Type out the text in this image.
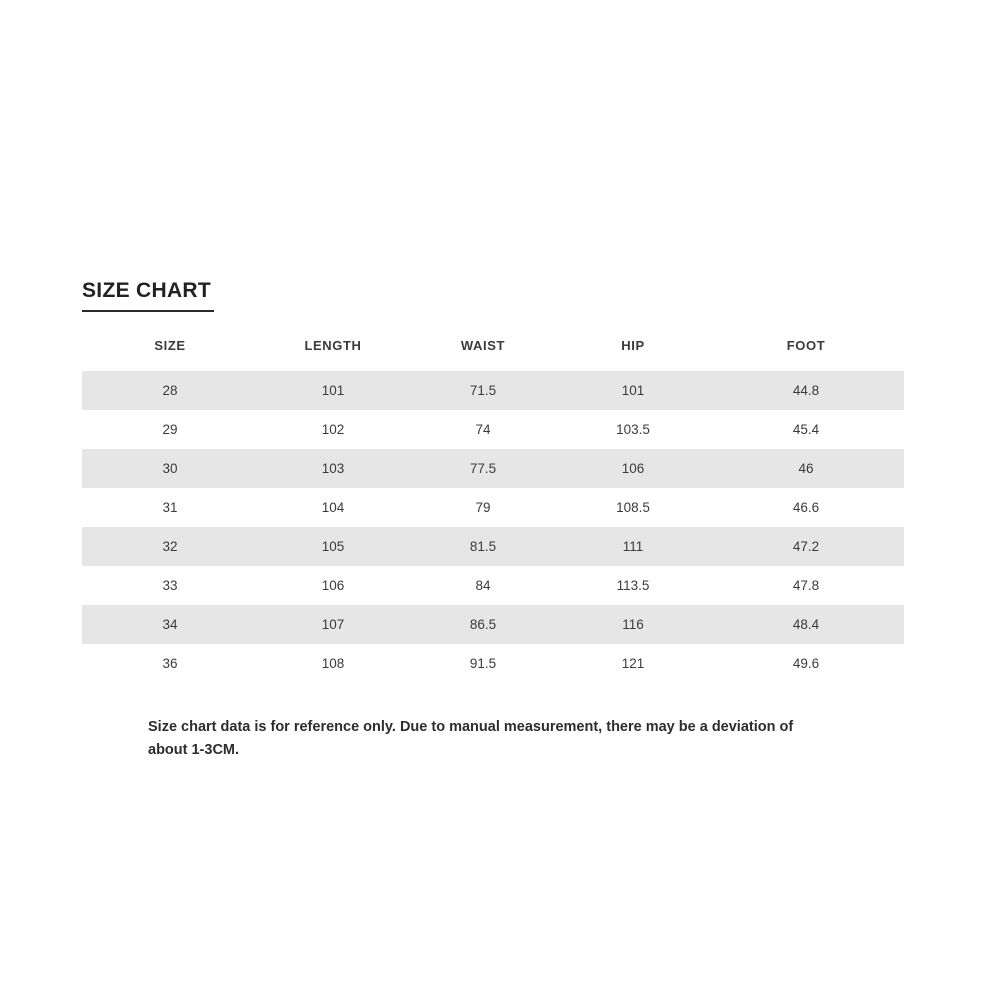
SIZE CHART
SIZE	LENGTH	WAIST	HIP	FOOT
28	101	71.5	101	44.8
29	102	74	103.5	45.4
30	103	77.5	106	46
31	104	79	108.5	46.6
32	105	81.5	111	47.2
33	106	84	113.5	47.8
34	107	86.5	116	48.4
36	108	91.5	121	49.6
Size chart data is for reference only. Due to manual measurement, there may be a deviation of about 1-3CM.
